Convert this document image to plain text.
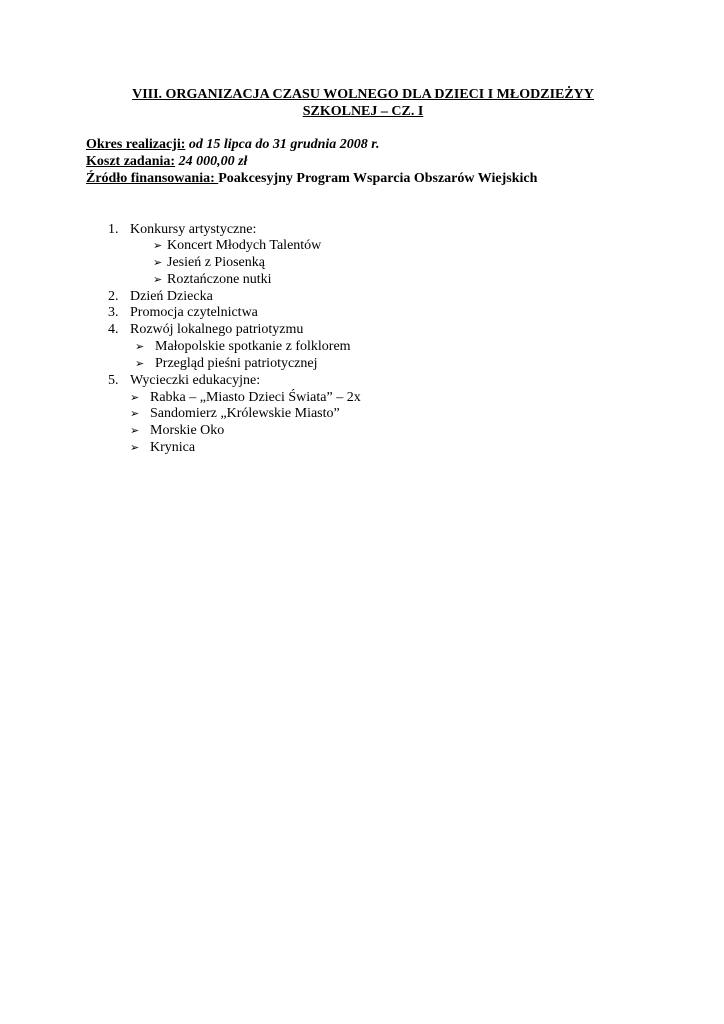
VIII. ORGANIZACJA CZASU WOLNEGO DLA DZIECI I MŁODZIEŻYY
SZKOLNEJ – CZ. I
Okres realizacji: od 15 lipca do 31 grudnia 2008 r.
Koszt zadania: 24 000,00 zł
Źródło finansowania: Poakcesyjny Program Wsparcia Obszarów Wiejskich
1. Konkursy artystyczne:
➢ Koncert Młodych Talentów
➢ Jesień z Piosenką
➢ Roztańczone nutki
2. Dzień Dziecka
3. Promocja czytelnictwa
4. Rozwój lokalnego patriotyzmu
➢ Małopolskie spotkanie z folklorem
➢ Przegląd pieśni patriotycznej
5. Wycieczki edukacyjne:
➢ Rabka – „Miasto Dzieci Świata” – 2x
➢ Sandomierz „Królewskie Miasto”
➢ Morskie Oko
➢ Krynica
